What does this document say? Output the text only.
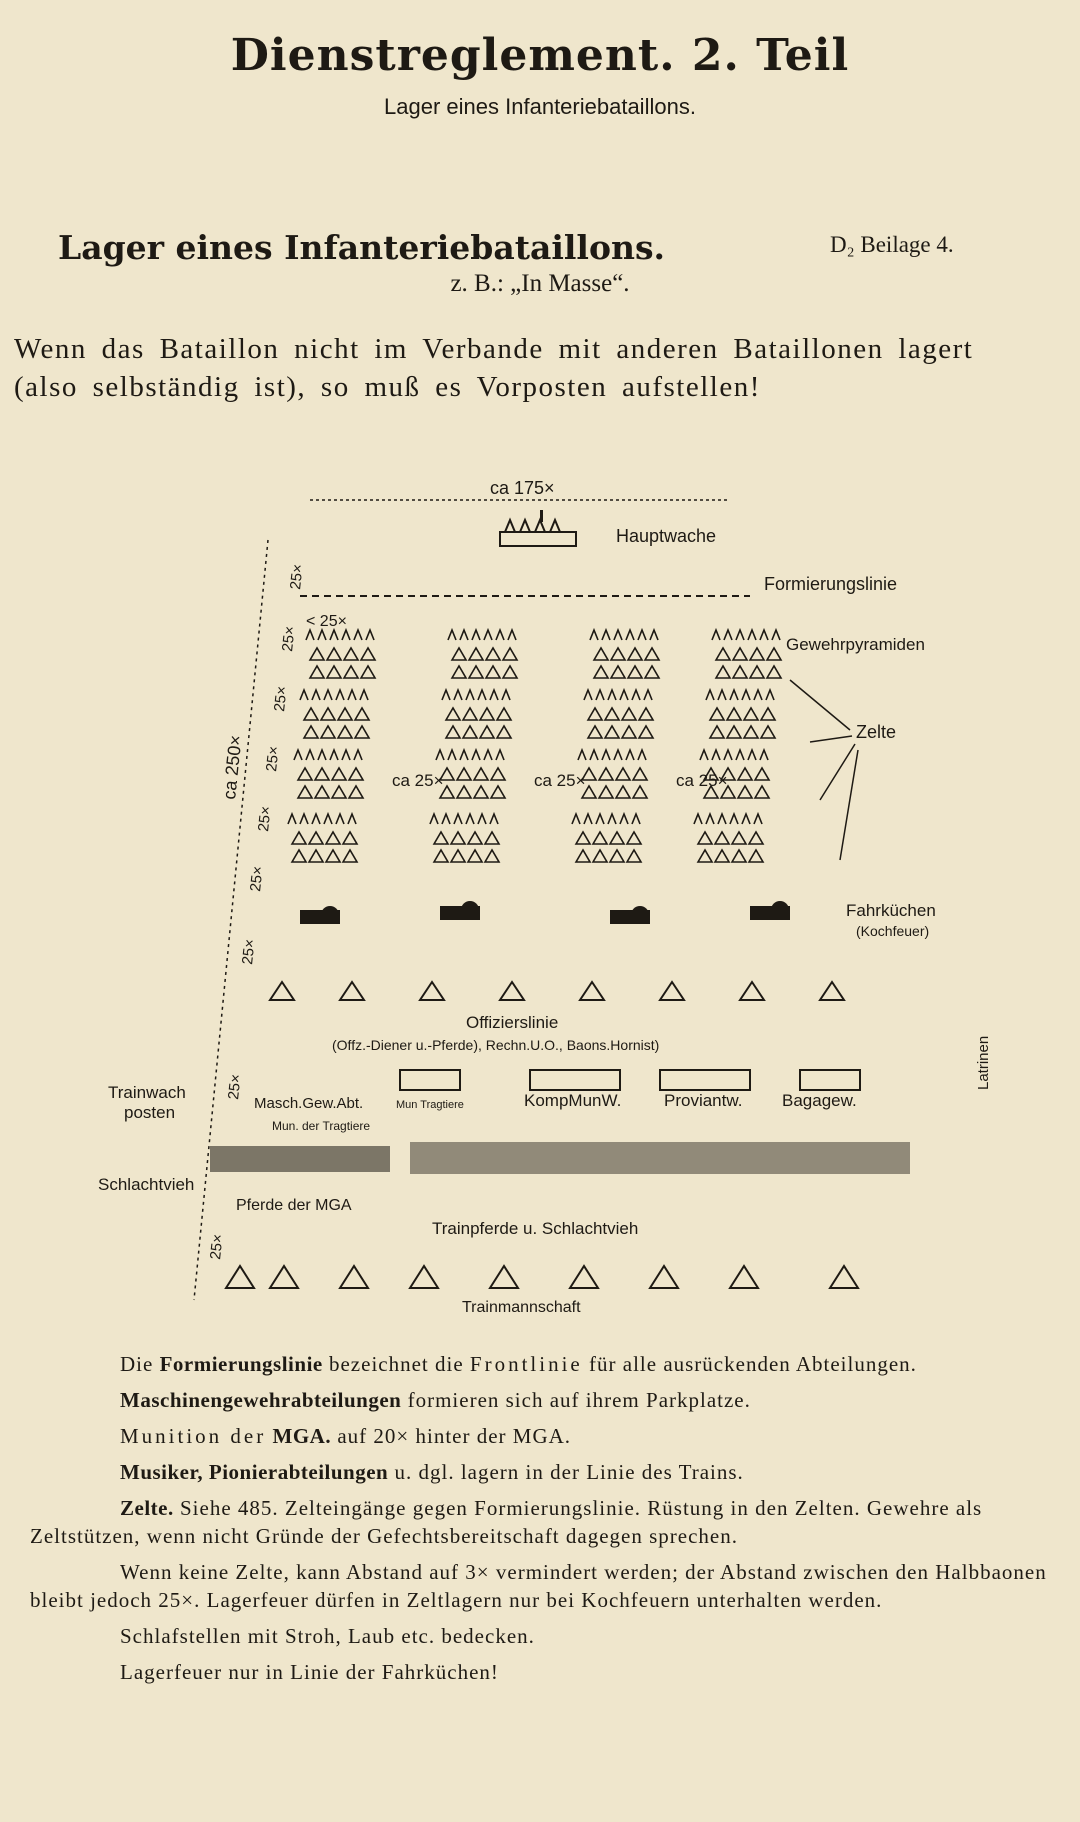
Dienstreglement. 2. Teil
Lager eines Infanteriebataillons.
Lager eines Infanteriebataillons.	D₂ Beilage 4.
z. B.: „In Masse“.
Wenn das Bataillon nicht im Verbande mit anderen Bataillonen lagert (also selbständig ist), so muß es Vorposten aufstellen!
ca 175×
ca 250×
25×
25×
25×
25×
25×
25×
25×
25×
25×
Hauptwache
Formierungslinie
< 25×
Gewehrpyramiden
Zelte
ca 25×	ca 25×	ca 25×
Fahrküchen
(Kochfeuer)
Offizierslinie
(Offz.-Diener u.-Pferde), Rechn.U.O., Baons.Hornist)
Trainwach
posten	Masch.Gew.Abt.	Mun Tragtiere	KompMunW.	Proviantw. Bagagew.
Mun. der Tragtiere
Latrinen
Schlachtvieh
Pferde der MGA
Trainpferde u. Schlachtvieh
Trainmannschaft

Die Formierungslinie bezeichnet die Frontlinie für alle ausrückenden Abteilungen.

Maschinengewehrabteilungen formieren sich auf ihrem Parkplatze.

Munition der MGA. auf 20× hinter der MGA.

Musiker, Pionierabteilungen u. dgl. lagern in der Linie des Trains.

Zelte. Siehe 485. Zelteingänge gegen Formierungslinie. Rüstung in den Zelten. Gewehre als Zeltstützen, wenn nicht Gründe der Gefechtsbereitschaft dagegen sprechen.

Wenn keine Zelte, kann Abstand auf 3× vermindert werden; der Abstand zwischen den Halbbaonen bleibt jedoch 25×. Lagerfeuer dürfen in Zeltlagern nur bei Kochfeuern unterhalten werden.

Schlafstellen mit Stroh, Laub etc. bedecken.

Lagerfeuer nur in Linie der Fahrküchen!
